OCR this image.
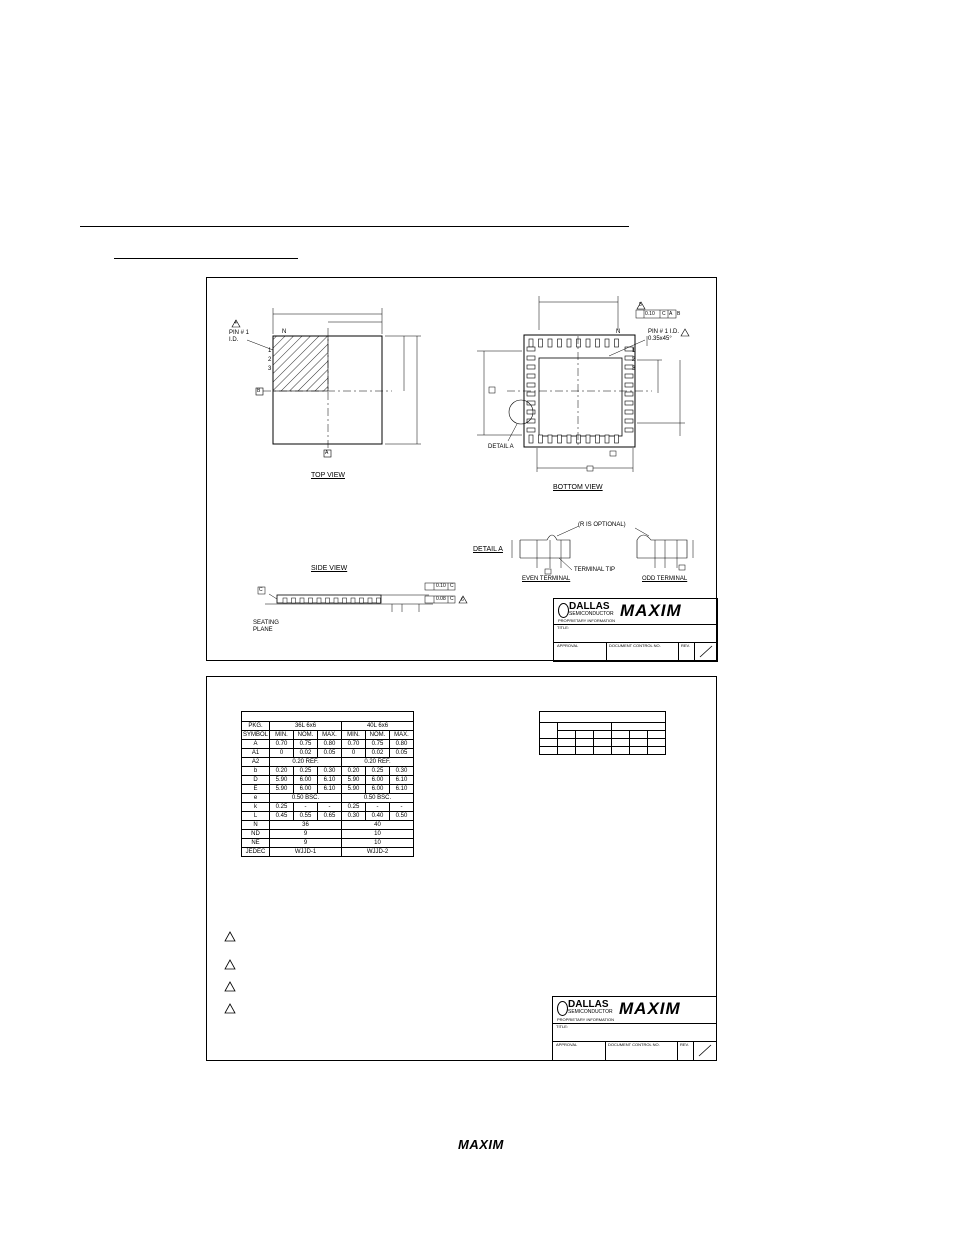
PIN # 1
I.D.
4
N
1
2
3
B
A
TOP VIEW
5
0.10 C A B
N	PIN # 1 I.D.
0.35x45°
1
2
3
DETAIL A
BOTTOM VIEW
SIDE VIEW
C
SEATING
PLANE
0.10 C
0.08 C 6
DETAIL A
(R IS OPTIONAL)
TERMINAL TIP
EVEN TERMINAL	ODD TERMINAL
DALLAS
SEMICONDUCTOR
PROPRIETARY INFORMATION
MAXIM
TITLE:
APPROVAL	DOCUMENT CONTROL NO.	REV.

PKG.	36L 6x6			40L 6x6		
SYMBOL	MIN.	NOM.	MAX.	MIN.	NOM.	MAX.
A	0.70	0.75	0.80	0.70	0.75	0.80
A1	0	0.02	0.05	0	0.02	0.05
A2	0.20 REF.			0.20 REF.		
b	0.20	0.25	0.30	0.20	0.25	0.30
D	5.90	6.00	6.10	5.90	6.00	6.10
E	5.90	6.00	6.10	5.90	6.00	6.10
e	0.50 BSC.			0.50 BSC.		
k	0.25	-	-	0.25	-	-
L	0.45	0.55	0.65	0.30	0.40	0.50
N	36			40		
ND	9			10		
NE	9			10		
JEDEC	WJJD-1			WJJD-2		

DALLAS
SEMICONDUCTOR
PROPRIETARY INFORMATION
MAXIM
TITLE:
APPROVAL	DOCUMENT CONTROL NO.	REV.
MAXIM
